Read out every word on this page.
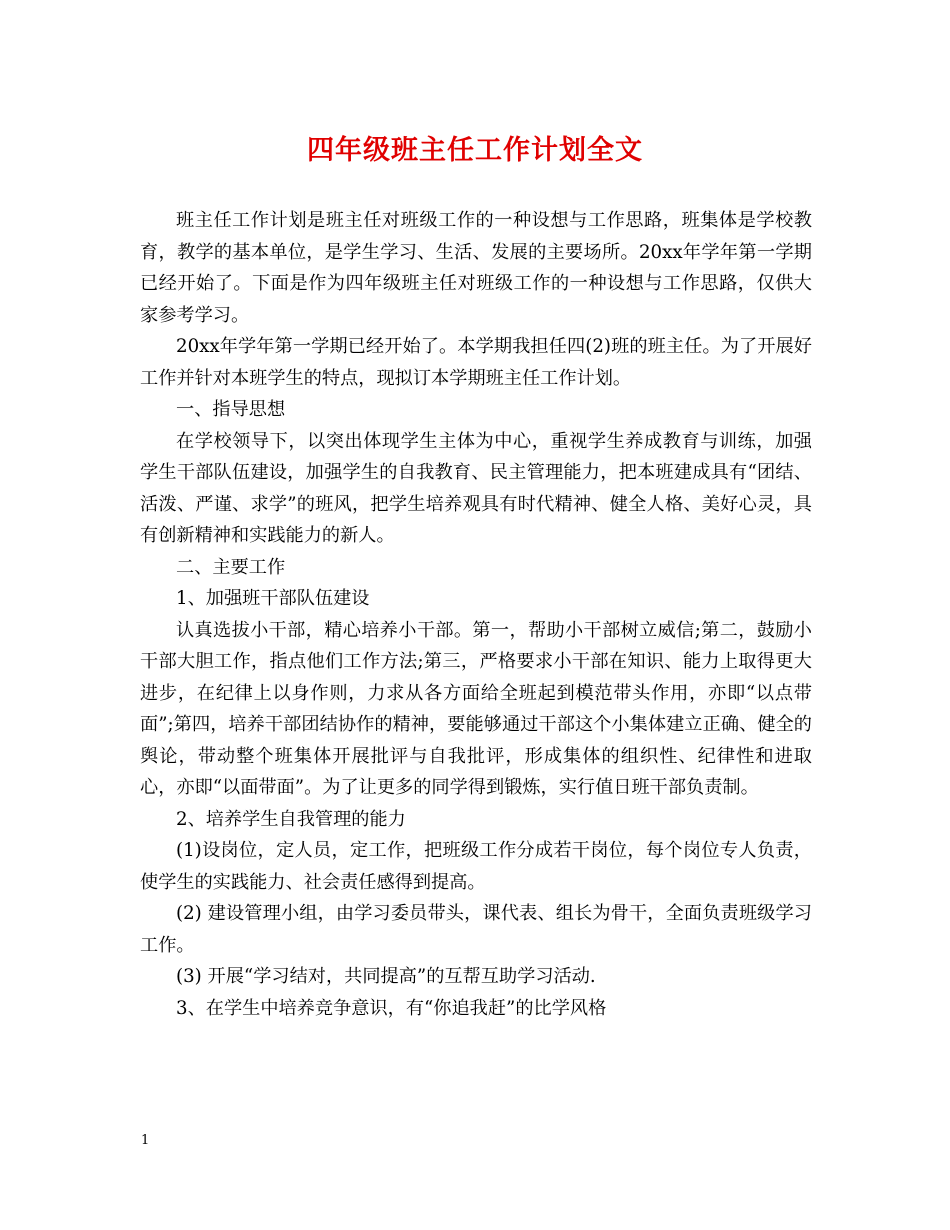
四年级班主任工作计划全文

班主任工作计划是班主任对班级工作的一种设想与工作思路，班集体是学校教育，教学的基本单位，是学生学习、生活、发展的主要场所。20xx年学年第一学期已经开始了。下面是作为四年级班主任对班级工作的一种设想与工作思路，仅供大家参考学习。

20xx年学年第一学期已经开始了。本学期我担任四(2)班的班主任。为了开展好工作并针对本班学生的特点，现拟订本学期班主任工作计划。

一、指导思想

在学校领导下，以突出体现学生主体为中心，重视学生养成教育与训练，加强学生干部队伍建设，加强学生的自我教育、民主管理能力，把本班建成具有“团结、活泼、严谨、求学”的班风，把学生培养观具有时代精神、健全人格、美好心灵，具有创新精神和实践能力的新人。

二、主要工作

1、加强班干部队伍建设

认真选拔小干部，精心培养小干部。第一，帮助小干部树立威信;第二，鼓励小干部大胆工作，指点他们工作方法;第三，严格要求小干部在知识、能力上取得更大进步，在纪律上以身作则，力求从各方面给全班起到模范带头作用，亦即“以点带面”;第四，培养干部团结协作的精神，要能够通过干部这个小集体建立正确、健全的舆论，带动整个班集体开展批评与自我批评，形成集体的组织性、纪律性和进取心，亦即“以面带面”。为了让更多的同学得到锻炼，实行值日班干部负责制。

2、培养学生自我管理的能力

(1)设岗位，定人员，定工作，把班级工作分成若干岗位，每个岗位专人负责，使学生的实践能力、社会责任感得到提高。

(2) 建设管理小组，由学习委员带头，课代表、组长为骨干，全面负责班级学习工作。

(3) 开展“学习结对，共同提高”的互帮互助学习活动.

3、在学生中培养竞争意识，有“你追我赶”的比学风格

1
